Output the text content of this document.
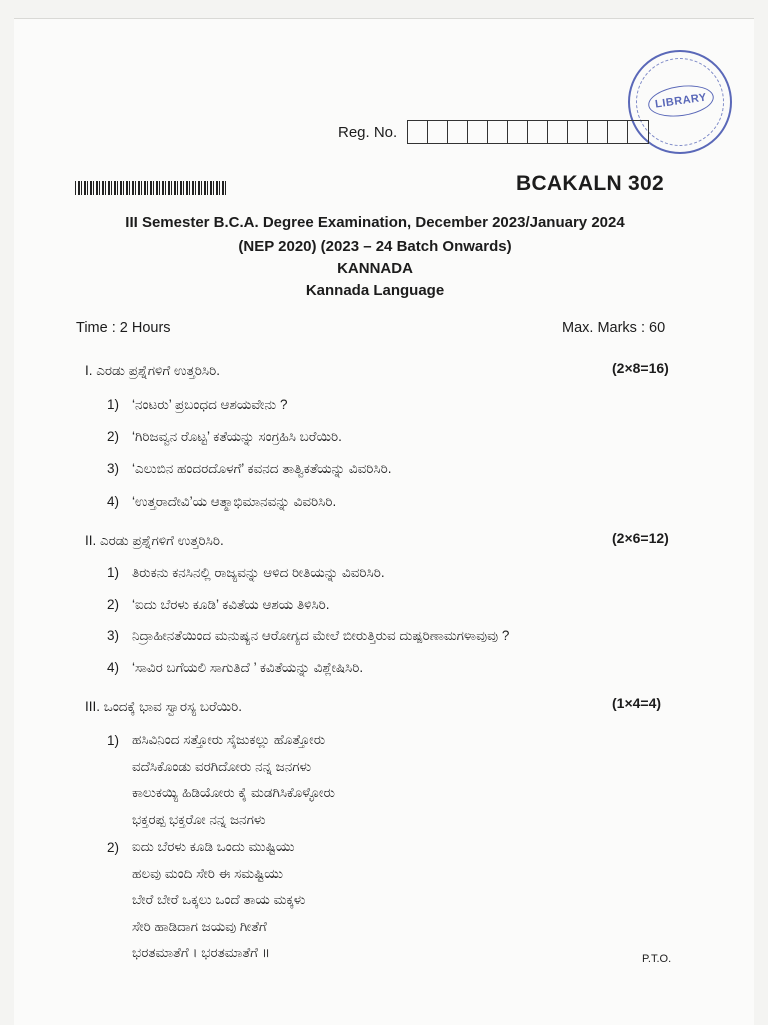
LIBRARY
Reg. No.
BCAKALN 302
III Semester B.C.A. Degree Examination, December 2023/January 2024
(NEP 2020) (2023 – 24 Batch Onwards)
KANNADA
Kannada Language
Time : 2 Hours	Max. Marks : 60
I. ಎರಡು ಪ್ರಶ್ನೆಗಳಿಗೆ ಉತ್ತರಿಸಿರಿ.	(2×8=16)
1) ‘ನಂಟರು’ ಪ್ರಬಂಧದ ಆಶಯವೇನು ?
2) ‘ಗಿರಿಜವ್ವನ ರೊಟ್ಟ’ ಕತೆಯನ್ನು ಸಂಗ್ರಹಿಸಿ ಬರೆಯಿರಿ.
3) ‘ಎಲುಬಿನ ಹಂದರದೊಳಗೆ’ ಕವನದ ತಾತ್ವಿಕತೆಯನ್ನು ವಿವರಿಸಿರಿ.
4) ‘ಉತ್ತರಾದೇವಿ’ಯ ಆತ್ಮಾಭಿಮಾನವನ್ನು ವಿವರಿಸಿರಿ.
II. ಎರಡು ಪ್ರಶ್ನೆಗಳಿಗೆ ಉತ್ತರಿಸಿರಿ.	(2×6=12)
1) ತಿರುಕನು ಕನಸಿನಲ್ಲಿ ರಾಜ್ಯವನ್ನು ಆಳಿದ ರೀತಿಯನ್ನು ವಿವರಿಸಿರಿ.
2) ‘ಐದು ಬೆರಳು ಕೂಡಿ’ ಕವಿತೆಯ ಆಶಯ ತಿಳಿಸಿರಿ.
3) ನಿದ್ರಾಹೀನತೆಯಿಂದ ಮನುಷ್ಯನ ಆರೋಗ್ಯದ ಮೇಲೆ ಬೀರುತ್ತಿರುವ ದುಷ್ಪರಿಣಾಮಗಳಾವುವು ?
4) ‘ಸಾವಿರ ಬಗೆಯಲಿ ಸಾಗುತಿದೆ ’ ಕವಿತೆಯನ್ನು ವಿಶ್ಲೇಷಿಸಿರಿ.
III. ಒಂದಕ್ಕೆ ಭಾವ ಸ್ವಾರಸ್ಯ ಬರೆಯಿರಿ.	(1×4=4)
1) ಹಸಿವಿನಿಂದ ಸತ್ತೋರು ಸೈಜುಕಲ್ಲು ಹೊತ್ತೋರು
ವದೆಸಿಕೊಂಡು ವರಗಿದೋರು ನನ್ನ ಜನಗಳು
ಕಾಲುಕಯ್ಯಿ ಹಿಡಿಯೋರು ಕೈ ಮಡಗಿಸಿಕೊಳ್ಳೋರು
ಭಕ್ತರಪ್ಪ ಭಕ್ತರೋ ನನ್ನ ಜನಗಳು
2) ಐದು ಬೆರಳು ಕೂಡಿ ಒಂದು ಮುಷ್ಟಿಯು
ಹಲವು ಮಂದಿ ಸೇರಿ ಈ ಸಮಷ್ಟಿಯು
ಬೇರೆ ಬೇರೆ ಒಕ್ಕಲು ಒಂದೆ ತಾಯ ಮಕ್ಕಳು
ಸೇರಿ ಹಾಡಿದಾಗ ಜಯವು ಗೀತೆಗೆ
ಭರತಮಾತೆಗೆ । ಭರತಮಾತೆಗೆ ॥	P.T.O.
